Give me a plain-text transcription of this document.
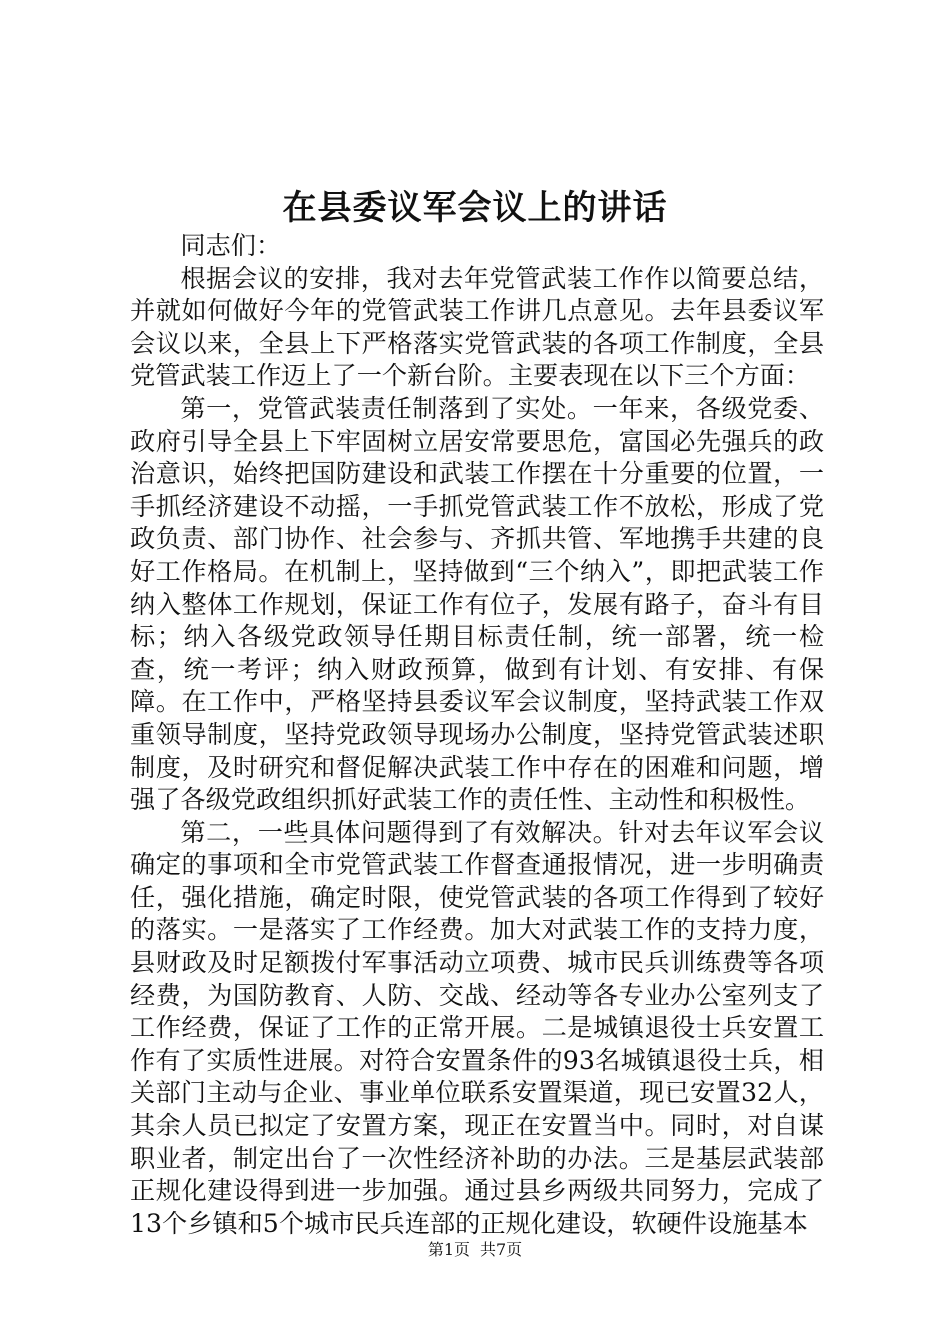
在县委议军会议上的讲话

同志们：

根据会议的安排，我对去年党管武装工作作以简要总结，并就如何做好今年的党管武装工作讲几点意见。去年县委议军会议以来，全县上下严格落实党管武装的各项工作制度，全县党管武装工作迈上了一个新台阶。主要表现在以下三个方面：

第一，党管武装责任制落到了实处。一年来，各级党委、政府引导全县上下牢固树立居安常要思危，富国必先强兵的政治意识，始终把国防建设和武装工作摆在十分重要的位置，一手抓经济建设不动摇，一手抓党管武装工作不放松，形成了党政负责、部门协作、社会参与、齐抓共管、军地携手共建的良好工作格局。在机制上，坚持做到“三个纳入”，即把武装工作纳入整体工作规划，保证工作有位子，发展有路子，奋斗有目标；纳入各级党政领导任期目标责任制，统一部署，统一检查，统一考评；纳入财政预算，做到有计划、有安排、有保障。在工作中，严格坚持县委议军会议制度，坚持武装工作双重领导制度，坚持党政领导现场办公制度，坚持党管武装述职制度，及时研究和督促解决武装工作中存在的困难和问题，增强了各级党政组织抓好武装工作的责任性、主动性和积极性。

第二，一些具体问题得到了有效解决。针对去年议军会议确定的事项和全市党管武装工作督查通报情况，进一步明确责任，强化措施，确定时限，使党管武装的各项工作得到了较好的落实。一是落实了工作经费。加大对武装工作的支持力度，县财政及时足额拨付军事活动立项费、城市民兵训练费等各项经费，为国防教育、人防、交战、经动等各专业办公室列支了工作经费，保证了工作的正常开展。二是城镇退役士兵安置工作有了实质性进展。对符合安置条件的93名城镇退役士兵，相关部门主动与企业、事业单位联系安置渠道，现已安置32人，其余人员已拟定了安置方案，现正在安置当中。同时，对自谋职业者，制定出台了一次性经济补助的办法。三是基层武装部正规化建设得到进一步加强。通过县乡两级共同努力，完成了13个乡镇和5个城市民兵连部的正规化建设，软硬件设施基本

第1页 共7页
